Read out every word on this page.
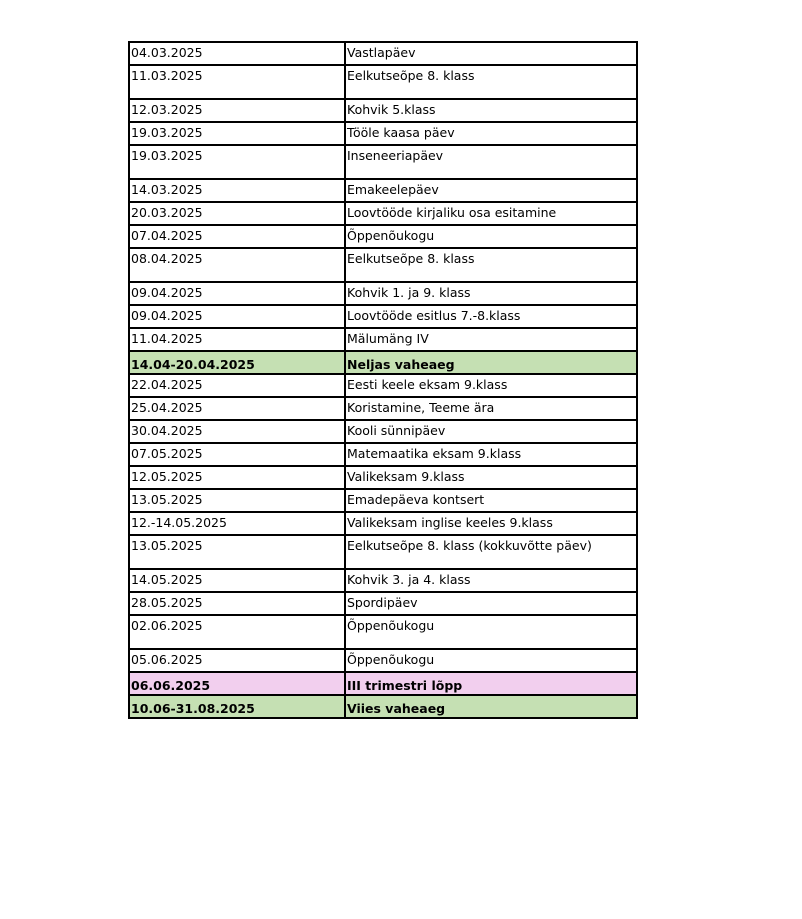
04.03.2025	Vastlapäev
11.03.2025	Eelkutseõpe 8. klass
12.03.2025	Kohvik 5.klass
19.03.2025	Tööle kaasa päev
19.03.2025	Inseneeriapäev
14.03.2025	Emakeelepäev
20.03.2025	Loovtööde kirjaliku osa esitamine
07.04.2025	Õppenõukogu
08.04.2025	Eelkutseõpe 8. klass
09.04.2025	Kohvik 1. ja 9. klass
09.04.2025	Loovtööde esitlus 7.-8.klass
11.04.2025	Mälumäng IV
14.04-20.04.2025	Neljas vaheaeg
22.04.2025	Eesti keele eksam 9.klass
25.04.2025	Koristamine, Teeme ära
30.04.2025	Kooli sünnipäev
07.05.2025	Matemaatika eksam 9.klass
12.05.2025	Valikeksam 9.klass
13.05.2025	Emadepäeva kontsert
12.-14.05.2025	Valikeksam inglise keeles 9.klass
13.05.2025	Eelkutseõpe 8. klass (kokkuvõtte päev)
14.05.2025	Kohvik 3. ja 4. klass
28.05.2025	Spordipäev
02.06.2025	Õppenõukogu
05.06.2025	Õppenõukogu
06.06.2025	III trimestri lõpp
10.06-31.08.2025	Viies vaheaeg
